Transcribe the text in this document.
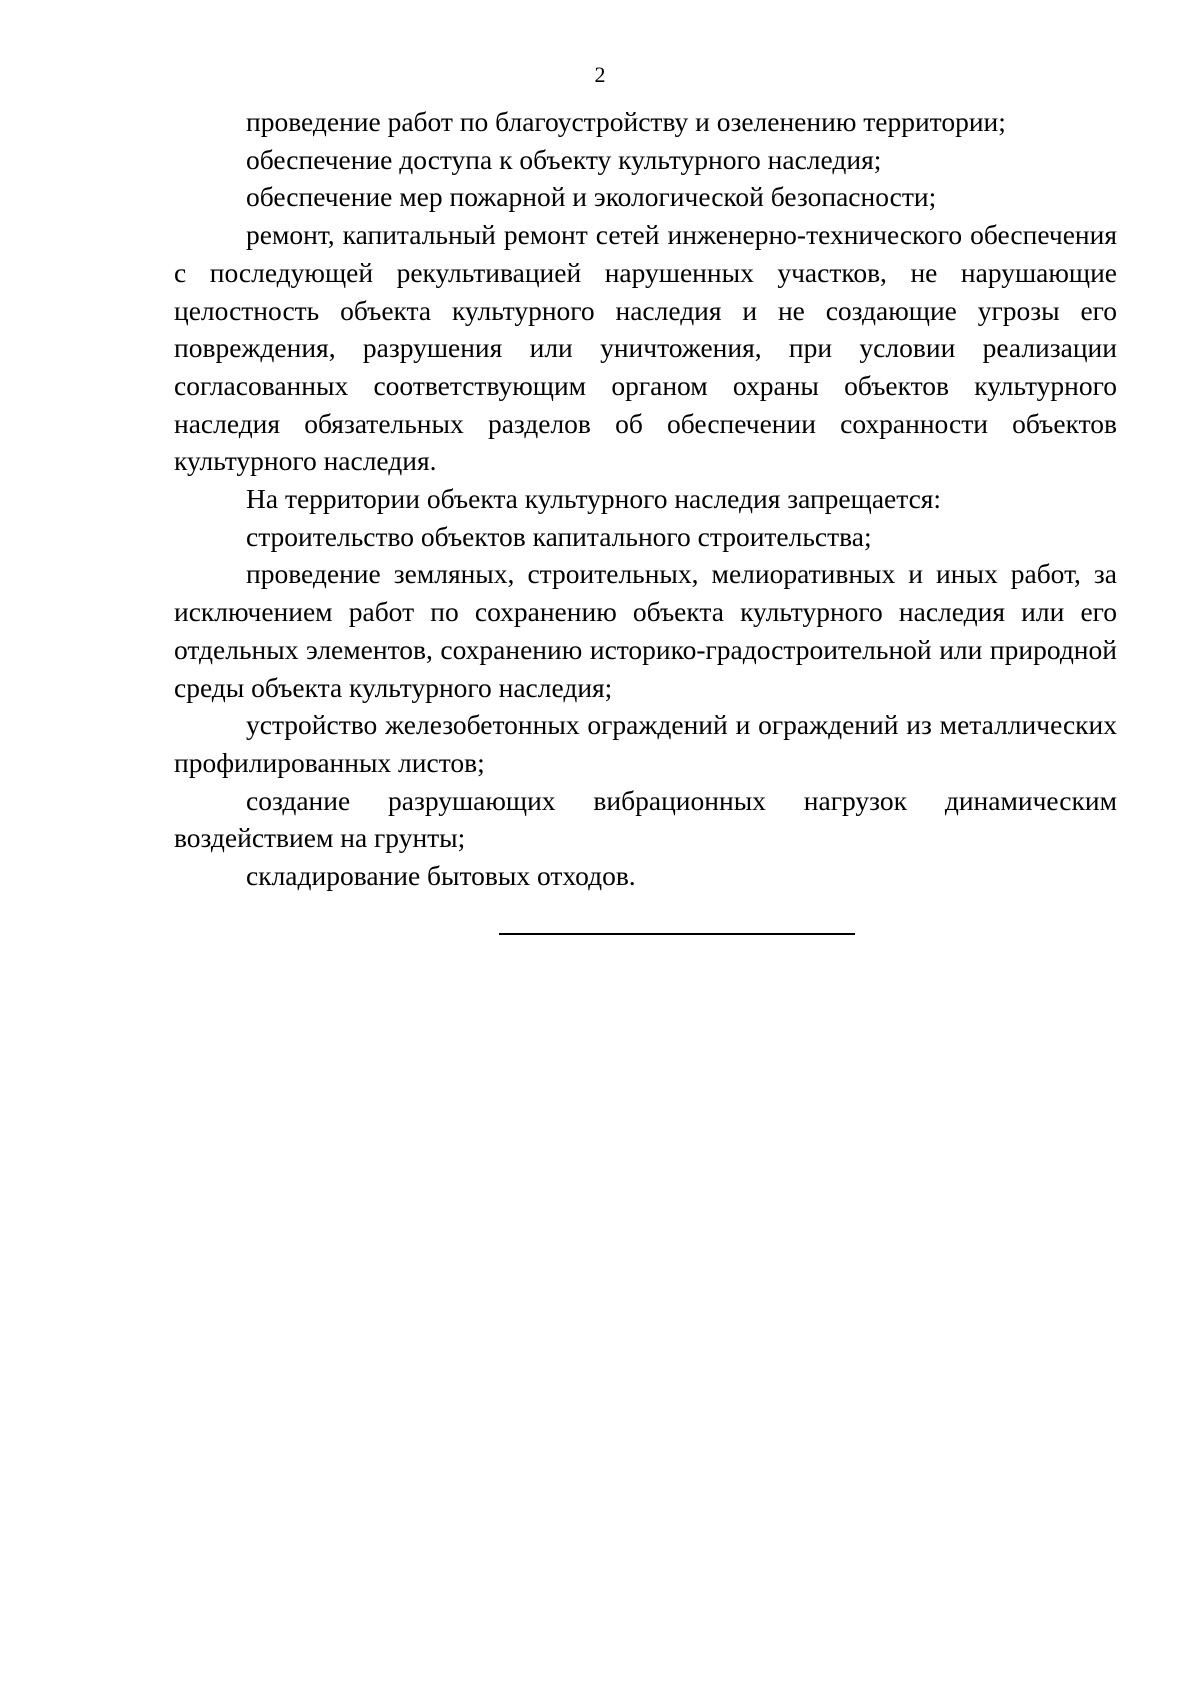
2

проведение работ по благоустройству и озеленению территории;

обеспечение доступа к объекту культурного наследия;

обеспечение мер пожарной и экологической безопасности;

ремонт, капитальный ремонт сетей инженерно-технического обеспечения с последующей рекультивацией нарушенных участков, не нарушающие целостность объекта культурного наследия и не создающие угрозы его повреждения, разрушения или уничтожения, при условии реализации согласованных соответствующим органом охраны объектов культурного наследия обязательных разделов об обеспечении сохранности объектов культурного наследия.

На территории объекта культурного наследия запрещается:

строительство объектов капитального строительства;

проведение земляных, строительных, мелиоративных и иных работ, за исключением работ по сохранению объекта культурного наследия или его отдельных элементов, сохранению историко-градостроительной или природной среды объекта культурного наследия;

устройство железобетонных ограждений и ограждений из металлических профилированных листов;

создание разрушающих вибрационных нагрузок динамическим воздействием на грунты;

складирование бытовых отходов.
